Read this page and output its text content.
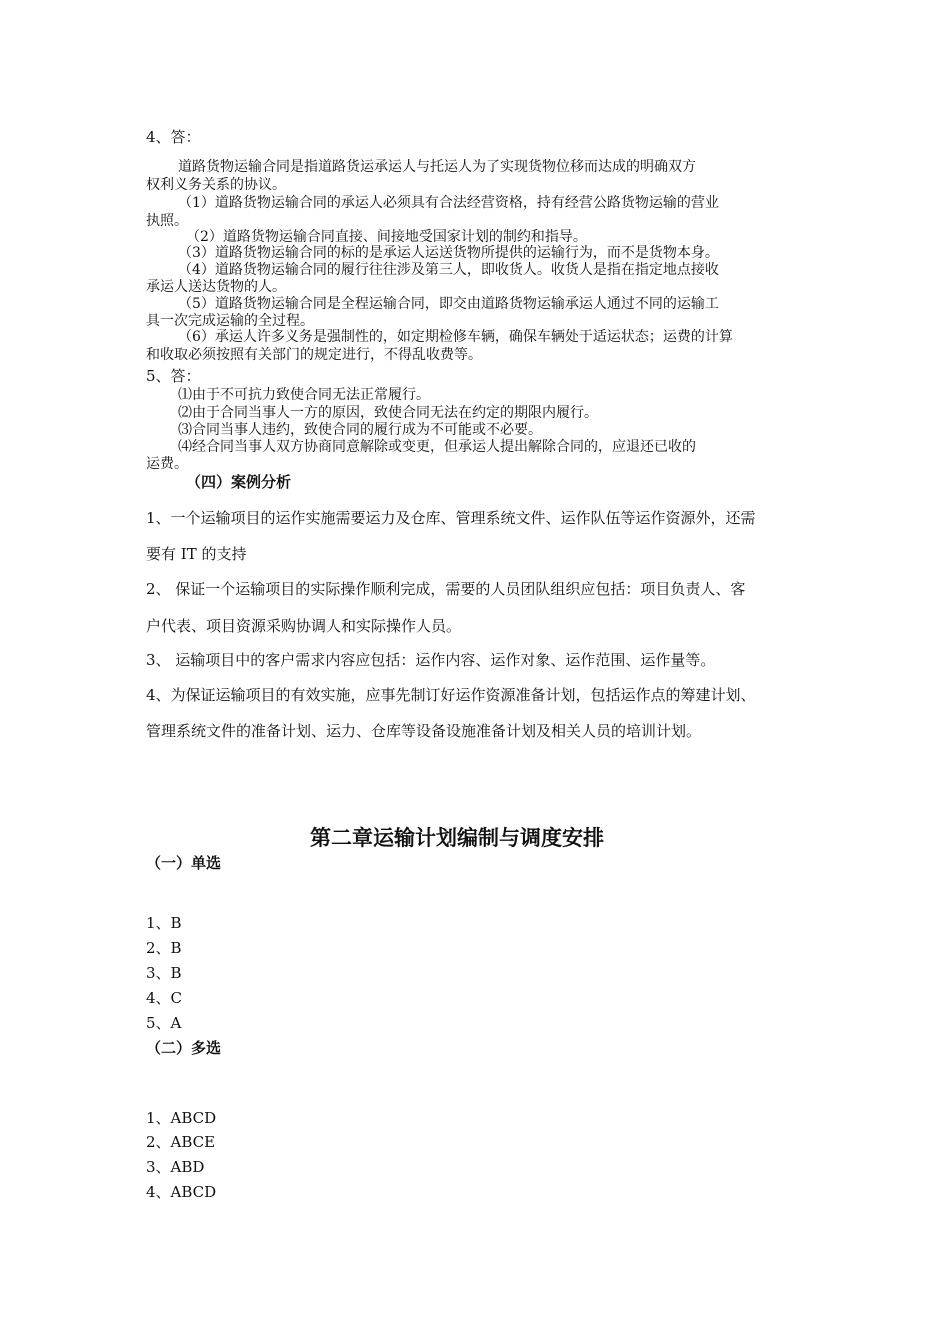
4、答：
道路货物运输合同是指道路货运承运人与托运人为了实现货物位移而达成的明确双方
权利义务关系的协议。
（1）道路货物运输合同的承运人必须具有合法经营资格，持有经营公路货物运输的营业
执照。
（2）道路货物运输合同直接、间接地受国家计划的制约和指导。
（3）道路货物运输合同的标的是承运人运送货物所提供的运输行为，而不是货物本身。
（4）道路货物运输合同的履行往往涉及第三人，即收货人。收货人是指在指定地点接收
承运人送达货物的人。
（5）道路货物运输合同是全程运输合同，即交由道路货物运输承运人通过不同的运输工
具一次完成运输的全过程。
（6）承运人许多义务是强制性的，如定期检修车辆，确保车辆处于适运状态；运费的计算
和收取必须按照有关部门的规定进行，不得乱收费等。
5、答：
⑴由于不可抗力致使合同无法正常履行。
⑵由于合同当事人一方的原因，致使合同无法在约定的期限内履行。
⑶合同当事人违约，致使合同的履行成为不可能或不必要。
⑷经合同当事人双方协商同意解除或变更，但承运人提出解除合同的，应退还已收的
运费。
（四）案例分析
1、一个运输项目的运作实施需要运力及仓库、管理系统文件、运作队伍等运作资源外，还需
要有 IT 的支持
2、 保证一个运输项目的实际操作顺利完成，需要的人员团队组织应包括：项目负责人、客
户代表、项目资源采购协调人和实际操作人员。
3、 运输项目中的客户需求内容应包括：运作内容、运作对象、运作范围、运作量等。
4、为保证运输项目的有效实施，应事先制订好运作资源准备计划，包括运作点的筹建计划、
管理系统文件的准备计划、运力、仓库等设备设施准备计划及相关人员的培训计划。
第二章运输计划编制与调度安排
（一）单选
1、B
2、B
3、B
4、C
5、A
（二）多选
1、ABCD
2、ABCE
3、ABD
4、ABCD
